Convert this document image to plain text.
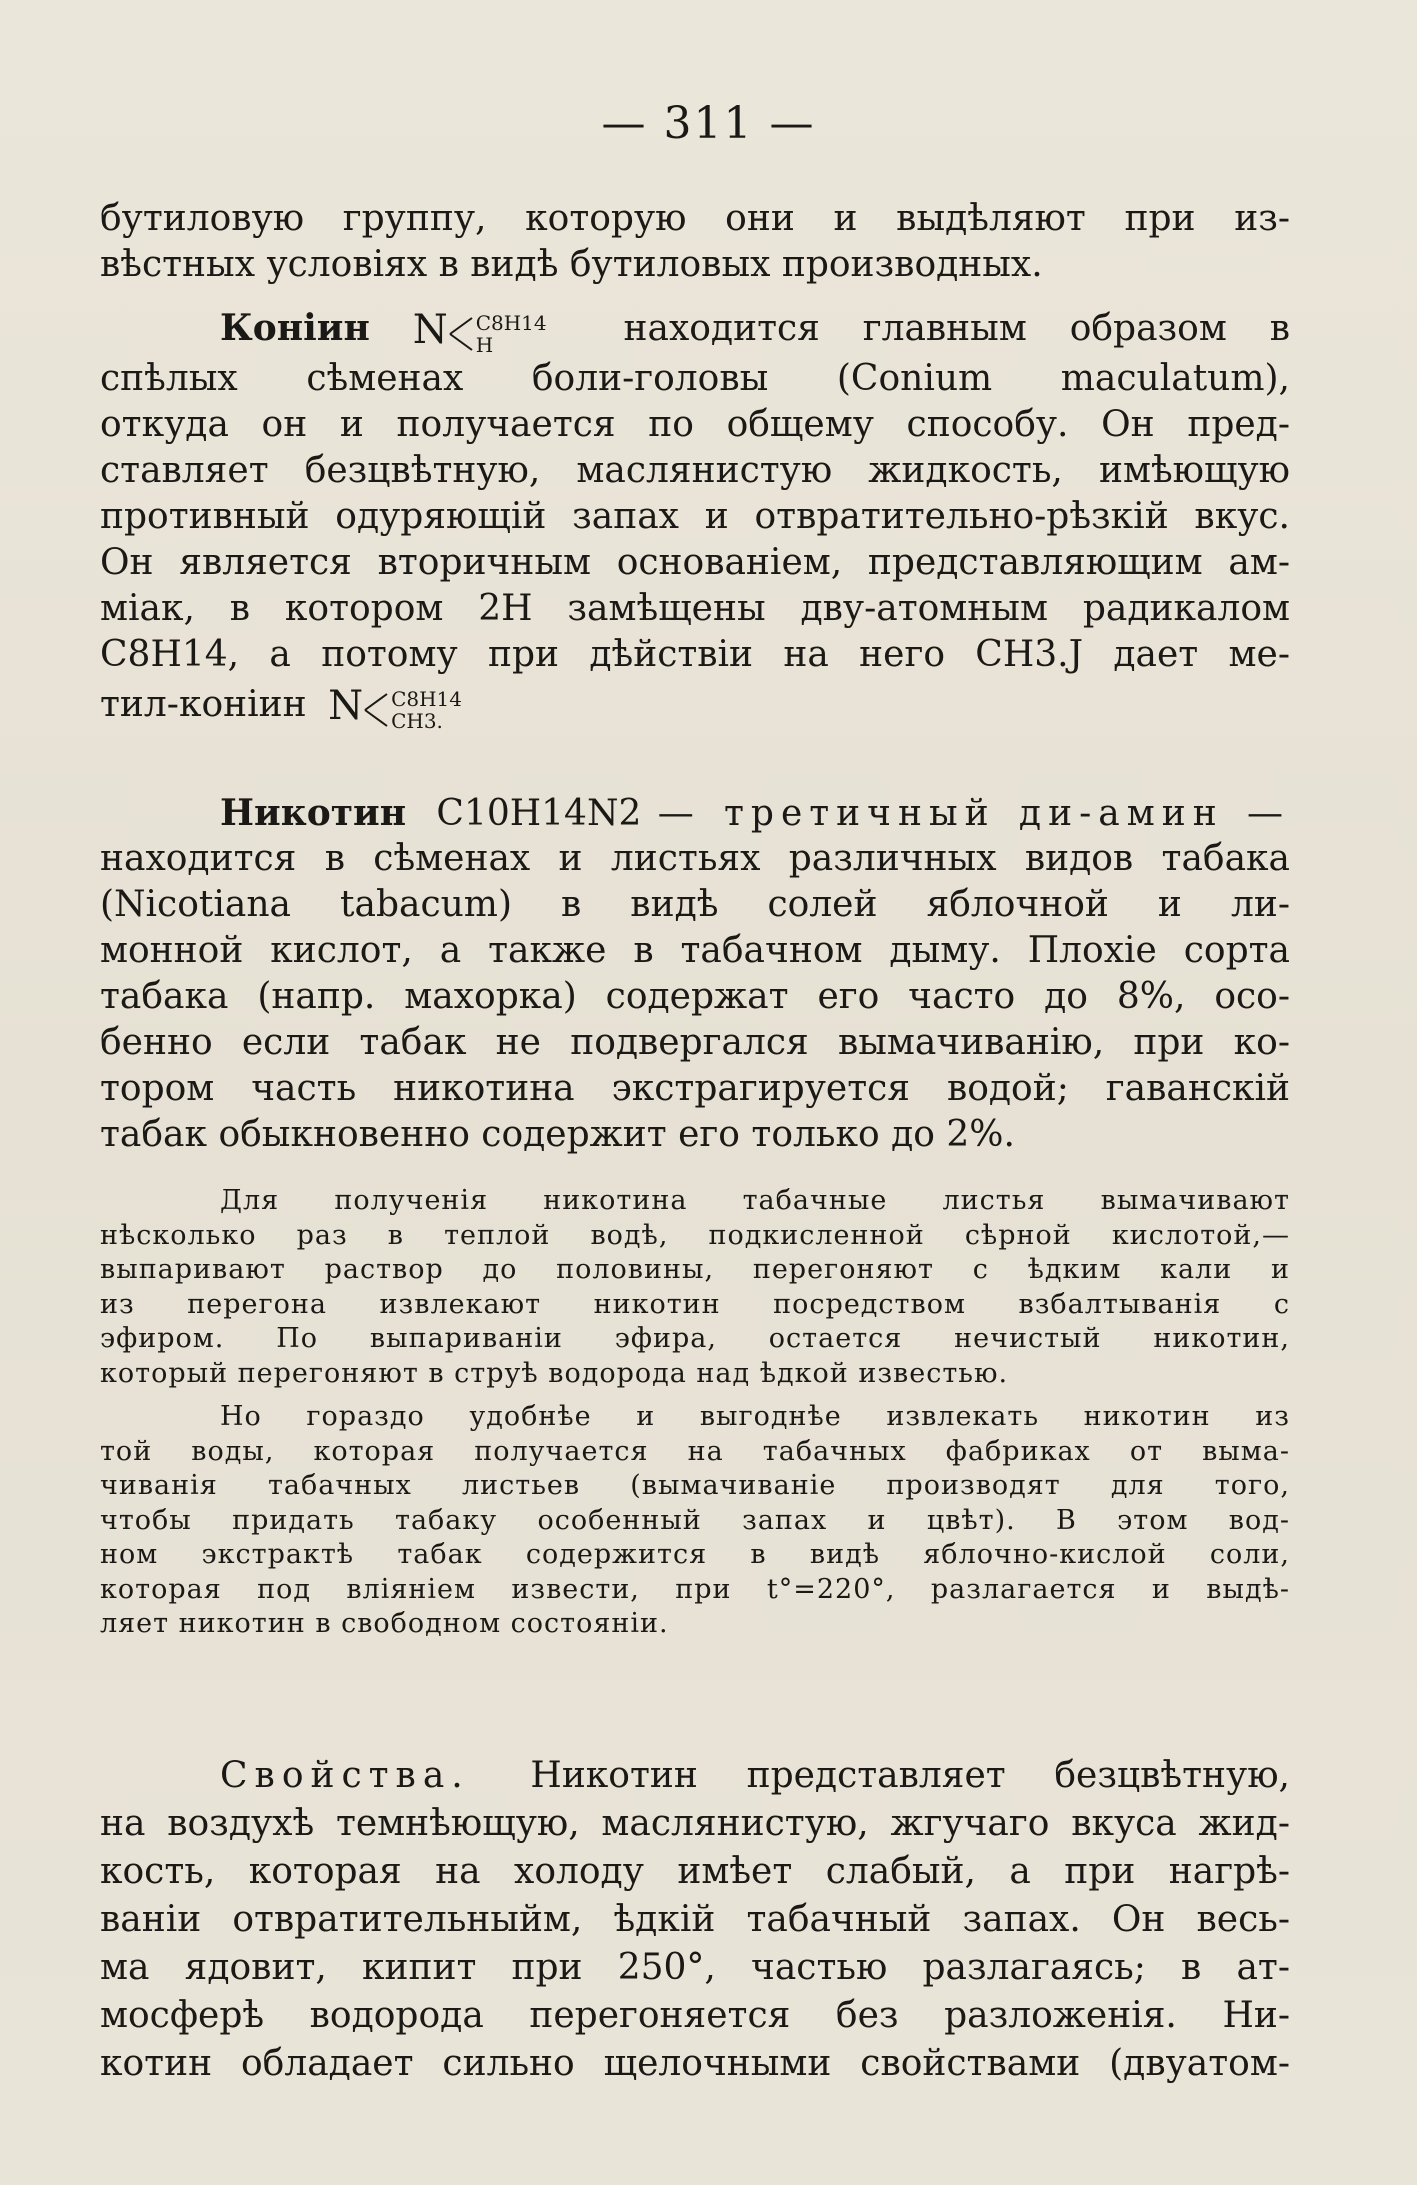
— 311 —
бутиловую группу, которую они и выдѣляют при из-
вѣстных условіях в видѣ бутиловых производных.
Коніин N C8H14
H	находится главным образом в
спѣлых сѣменах боли-головы (Conium maculatum),
откуда он и получается по общему способу. Он пред-
ставляет безцвѣтную, маслянистую жидкость, имѣющую
противный одуряющій запах и отвратительно-рѣзкій вкус.
Он является вторичным основаніем, представляющим ам-
міак, в котором 2Н замѣщены дву-атомным радикалом
C8H14, а потому при дѣйствіи на него CH3.J дает ме-
тил-коніин N C8H14
CH3.
Никотин C10H14N2 — третичный ди-амин —
находится в сѣменах и листьях различных видов табака
(Nicotiana tabacum) в видѣ солей яблочной и ли-
монной кислот, а также в табачном дыму. Плохіе сорта
табака (напр. махорка) содержат его часто до 8%, осо-
бенно если табак не подвергался вымачиванію, при ко-
тором часть никотина экстрагируется водой; гаванскій
табак обыкновенно содержит его только до 2%.
Для полученія никотина табачные листья вымачивают
нѣсколько раз в теплой водѣ, подкисленной сѣрной кислотой,—
выпаривают раствор до половины, перегоняют с ѣдким кали и
из перегона извлекают никотин посредством взбалтыванія с
эфиром. По выпариваніи эфира, остается нечистый никотин,
который перегоняют в струѣ водорода над ѣдкой известью.
Но гораздо удобнѣе и выгоднѣе извлекать никотин из
той воды, которая получается на табачных фабриках от выма-
чиванія табачных листьев (вымачиваніе производят для того,
чтобы придать табаку особенный запах и цвѣт). В этом вод-
ном экстрактѣ табак содержится в видѣ яблочно-кислой соли,
которая под вліяніем извести, при t°=220°, разлагается и выдѣ-
ляет никотин в свободном состояніи.
Свойства. Никотин представляет безцвѣтную,
на воздухѣ темнѣющую, маслянистую, жгучаго вкуса жид-
кость, которая на холоду имѣет слабый, а при нагрѣ-
ваніи отвратительныйм, ѣдкій табачный запах. Он весь-
ма ядовит, кипит при 250°, частью разлагаясь; в ат-
мосферѣ водорода перегоняется без разложенія. Ни-
котин обладает сильно щелочными свойствами (двуатом-
